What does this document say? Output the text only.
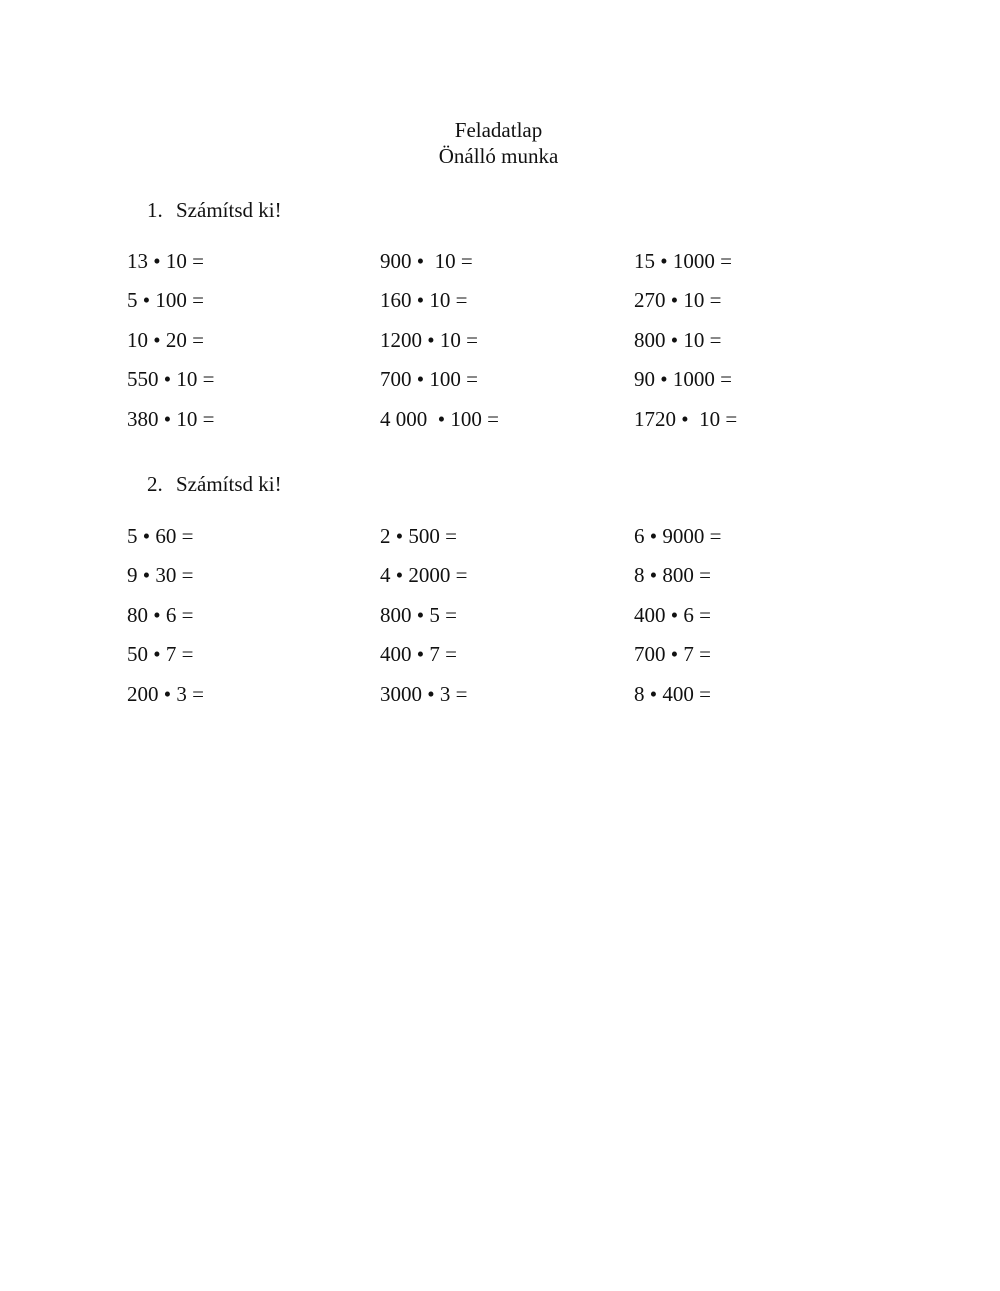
Feladatlap
Önálló munka
1. Számítsd ki!
13 • 10 =	900 •  10 =	15 • 1000 =
5 • 100 =	160 • 10 =	270 • 10 =
10 • 20 =	1200 • 10 =	800 • 10 =
550 • 10 =	700 • 100 =	90 • 1000 =
380 • 10 =	4 000  • 100 =	1720 •  10 =
2. Számítsd ki!
5 • 60 =	2 • 500 =	6 • 9000 =
9 • 30 =	4 • 2000 =	8 • 800 =
80 • 6 =	800 • 5 =	400 • 6 =
50 • 7 =	400 • 7 =	700 • 7 =
200 • 3 =	3000 • 3 =	8 • 400 =
